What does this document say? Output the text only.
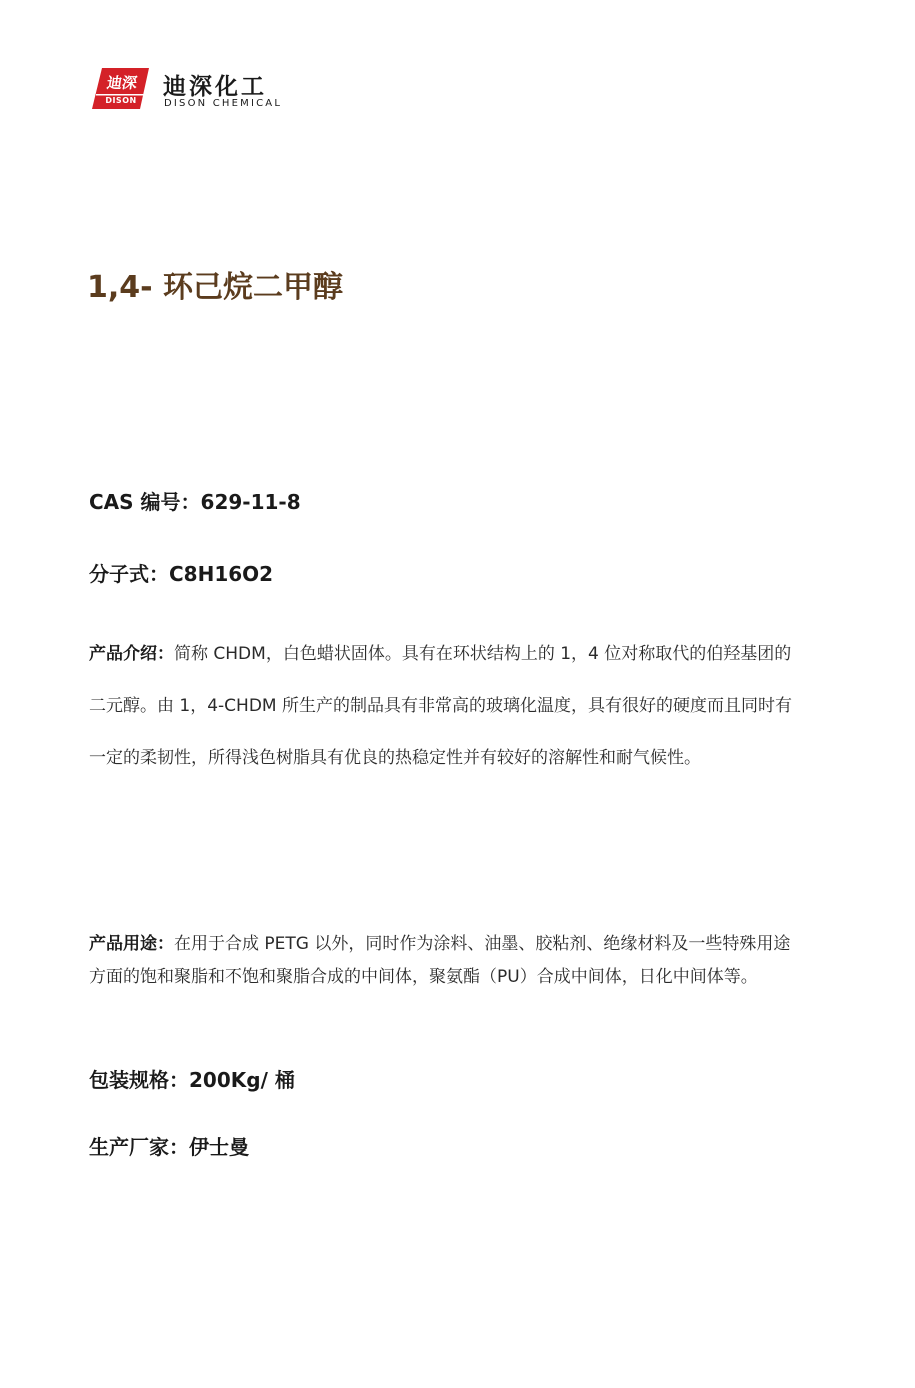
迪深
DISON
迪深化工
DISON CHEMICAL
1,4- 环己烷二甲醇
CAS 编号：629-11-8
分子式：C8H16O2
产品介绍：简称 CHDM，白色蜡状固体。具有在环状结构上的 1，4 位对称取代的伯羟基团的二元醇。由 1，4-CHDM 所生产的制品具有非常高的玻璃化温度，具有很好的硬度而且同时有一定的柔韧性，所得浅色树脂具有优良的热稳定性并有较好的溶解性和耐气候性。
产品用途：在用于合成 PETG 以外，同时作为涂料、油墨、胶粘剂、绝缘材料及一些特殊用途方面的饱和聚脂和不饱和聚脂合成的中间体，聚氨酯（PU）合成中间体，日化中间体等。
包装规格：200Kg/ 桶
生产厂家：伊士曼
